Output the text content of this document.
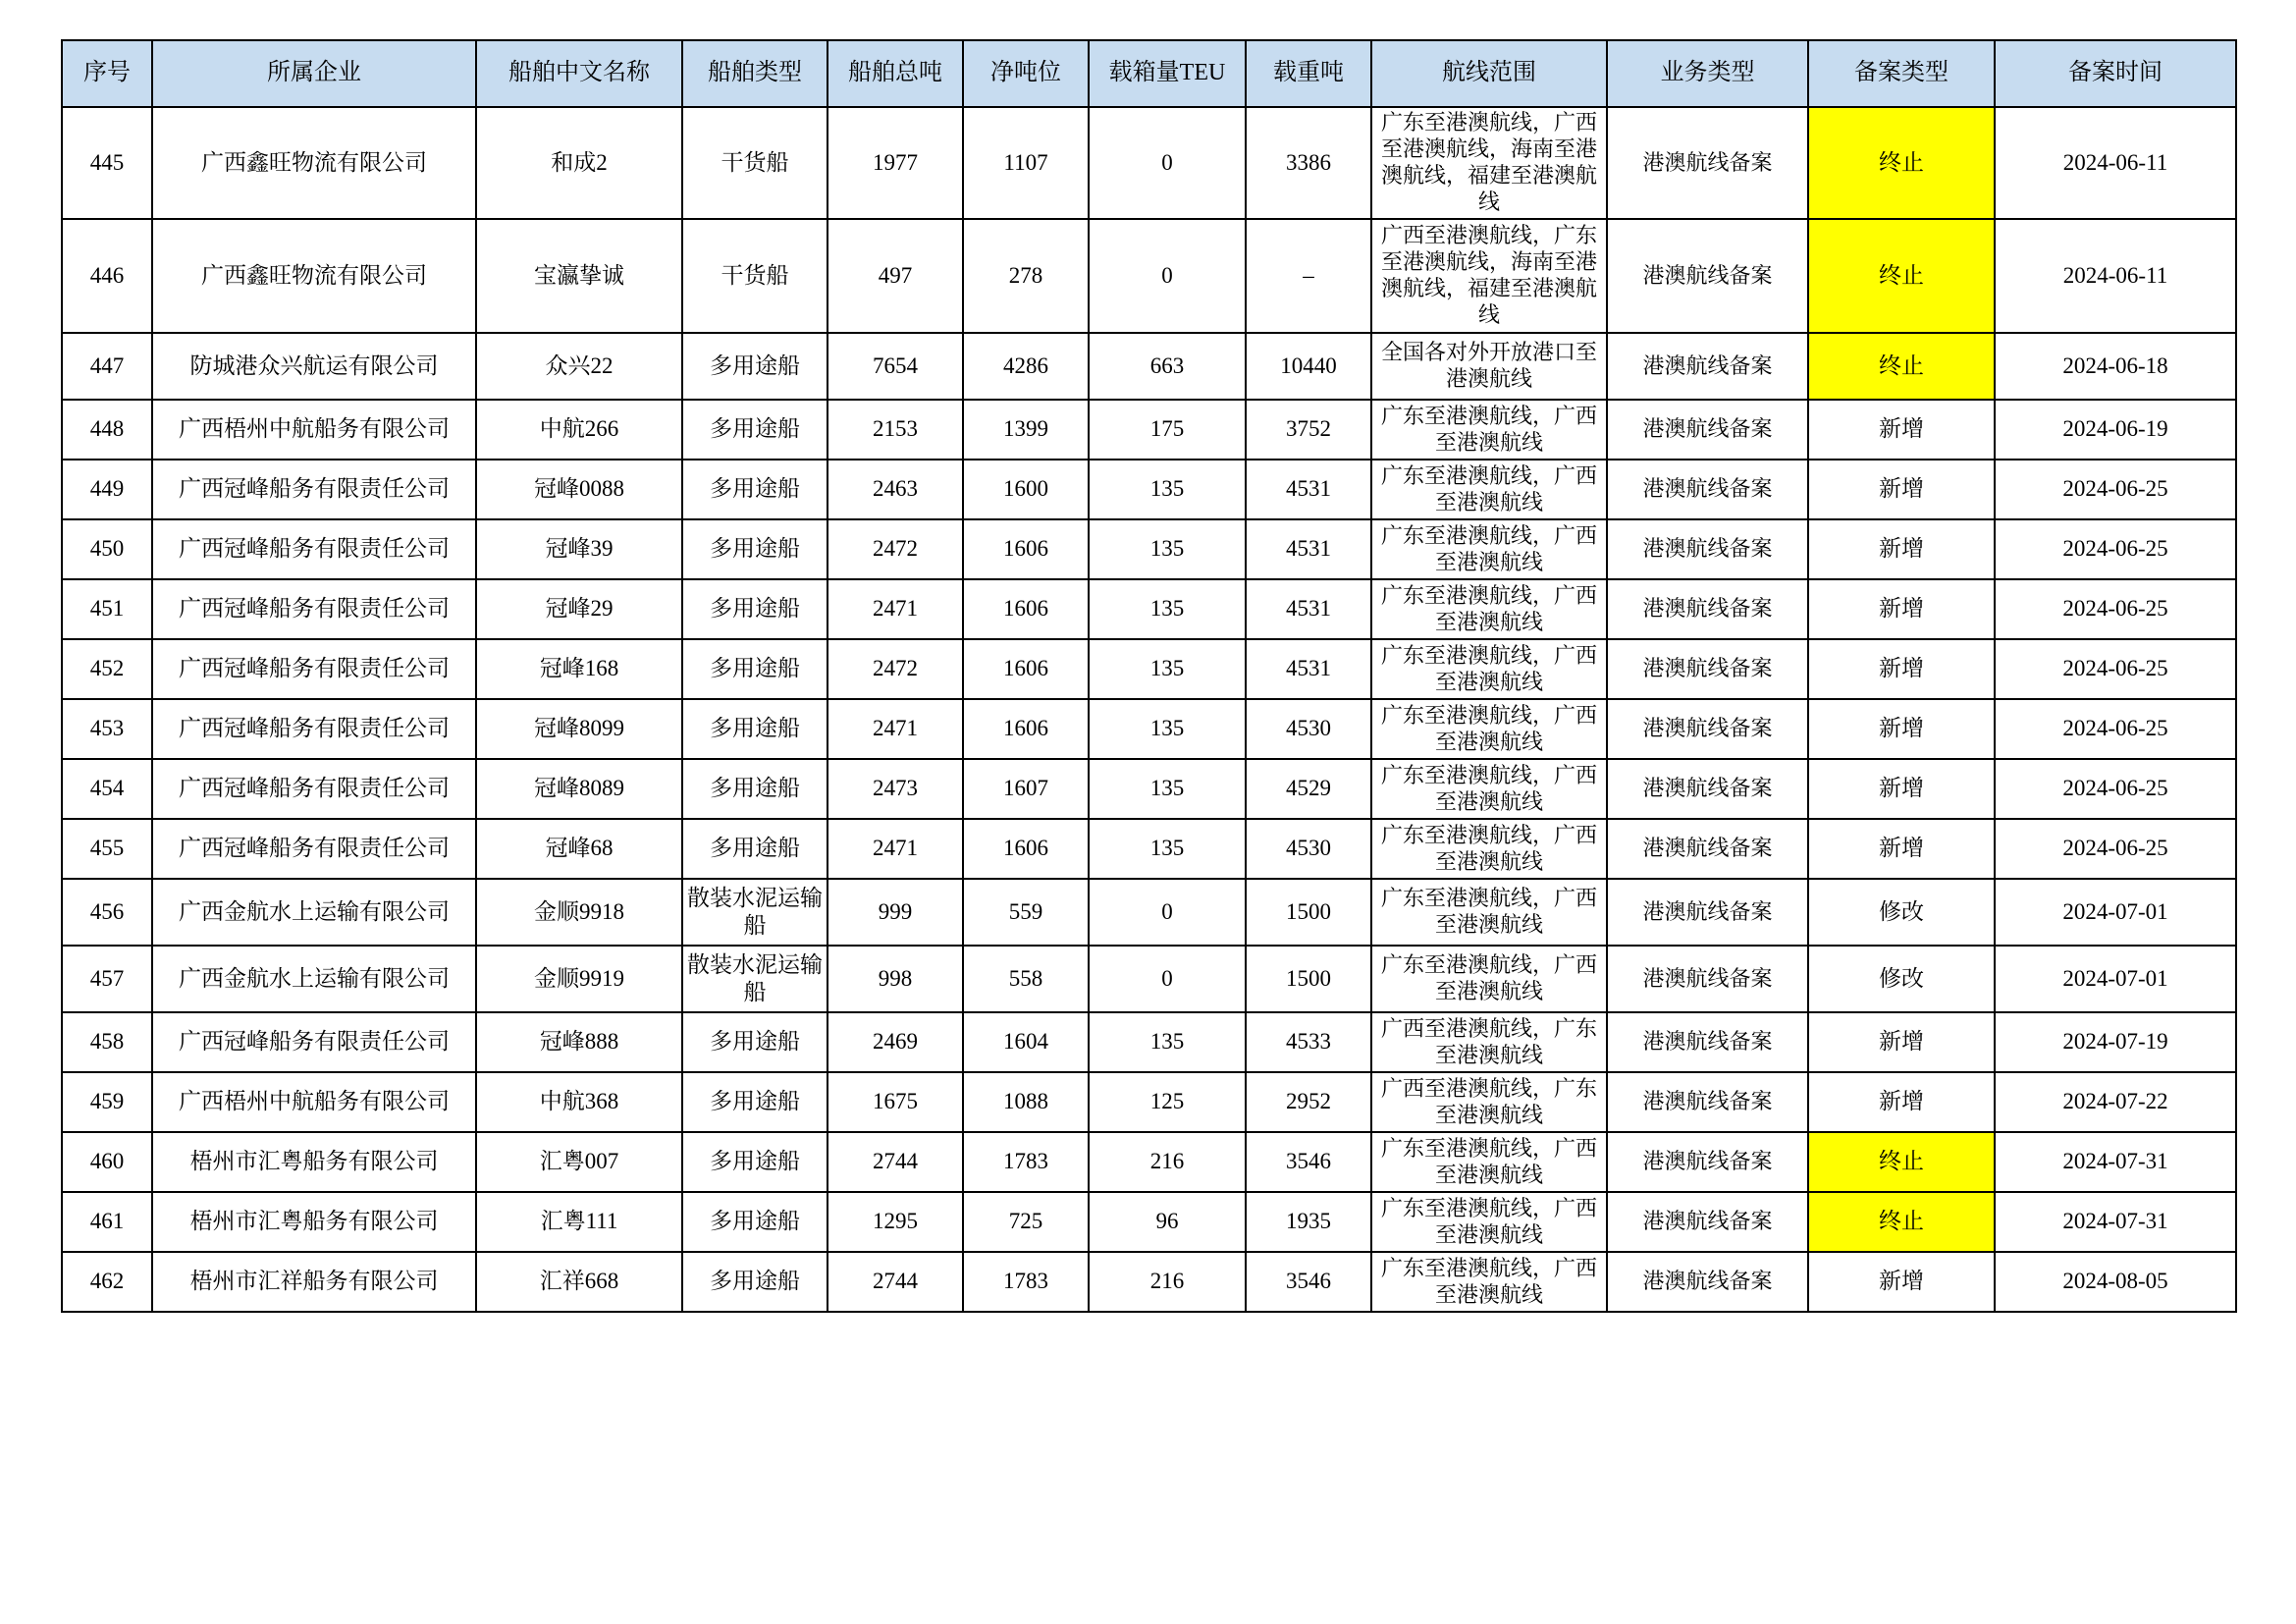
序号	所属企业	船舶中文名称	船舶类型	船舶总吨	净吨位	载箱量TEU	载重吨	航线范围	业务类型	备案类型	备案时间
445	广西鑫旺物流有限公司	和成2	干货船	1977	1107	0	3386	广东至港澳航线，广西至港澳航线，海南至港澳航线，福建至港澳航线	港澳航线备案	终止	2024-06-11
446	广西鑫旺物流有限公司	宝瀛挚诚	干货船	497	278	0	–	广西至港澳航线，广东至港澳航线，海南至港澳航线，福建至港澳航线	港澳航线备案	终止	2024-06-11
447	防城港众兴航运有限公司	众兴22	多用途船	7654	4286	663	10440	全国各对外开放港口至港澳航线	港澳航线备案	终止	2024-06-18
448	广西梧州中航船务有限公司	中航266	多用途船	2153	1399	175	3752	广东至港澳航线，广西至港澳航线	港澳航线备案	新增	2024-06-19
449	广西冠峰船务有限责任公司	冠峰0088	多用途船	2463	1600	135	4531	广东至港澳航线，广西至港澳航线	港澳航线备案	新增	2024-06-25
450	广西冠峰船务有限责任公司	冠峰39	多用途船	2472	1606	135	4531	广东至港澳航线，广西至港澳航线	港澳航线备案	新增	2024-06-25
451	广西冠峰船务有限责任公司	冠峰29	多用途船	2471	1606	135	4531	广东至港澳航线，广西至港澳航线	港澳航线备案	新增	2024-06-25
452	广西冠峰船务有限责任公司	冠峰168	多用途船	2472	1606	135	4531	广东至港澳航线，广西至港澳航线	港澳航线备案	新增	2024-06-25
453	广西冠峰船务有限责任公司	冠峰8099	多用途船	2471	1606	135	4530	广东至港澳航线，广西至港澳航线	港澳航线备案	新增	2024-06-25
454	广西冠峰船务有限责任公司	冠峰8089	多用途船	2473	1607	135	4529	广东至港澳航线，广西至港澳航线	港澳航线备案	新增	2024-06-25
455	广西冠峰船务有限责任公司	冠峰68	多用途船	2471	1606	135	4530	广东至港澳航线，广西至港澳航线	港澳航线备案	新增	2024-06-25
456	广西金航水上运输有限公司	金顺9918	散装水泥运输船	999	559	0	1500	广东至港澳航线，广西至港澳航线	港澳航线备案	修改	2024-07-01
457	广西金航水上运输有限公司	金顺9919	散装水泥运输船	998	558	0	1500	广东至港澳航线，广西至港澳航线	港澳航线备案	修改	2024-07-01
458	广西冠峰船务有限责任公司	冠峰888	多用途船	2469	1604	135	4533	广西至港澳航线，广东至港澳航线	港澳航线备案	新增	2024-07-19
459	广西梧州中航船务有限公司	中航368	多用途船	1675	1088	125	2952	广西至港澳航线，广东至港澳航线	港澳航线备案	新增	2024-07-22
460	梧州市汇粤船务有限公司	汇粤007	多用途船	2744	1783	216	3546	广东至港澳航线，广西至港澳航线	港澳航线备案	终止	2024-07-31
461	梧州市汇粤船务有限公司	汇粤111	多用途船	1295	725	96	1935	广东至港澳航线，广西至港澳航线	港澳航线备案	终止	2024-07-31
462	梧州市汇祥船务有限公司	汇祥668	多用途船	2744	1783	216	3546	广东至港澳航线，广西至港澳航线	港澳航线备案	新增	2024-08-05
